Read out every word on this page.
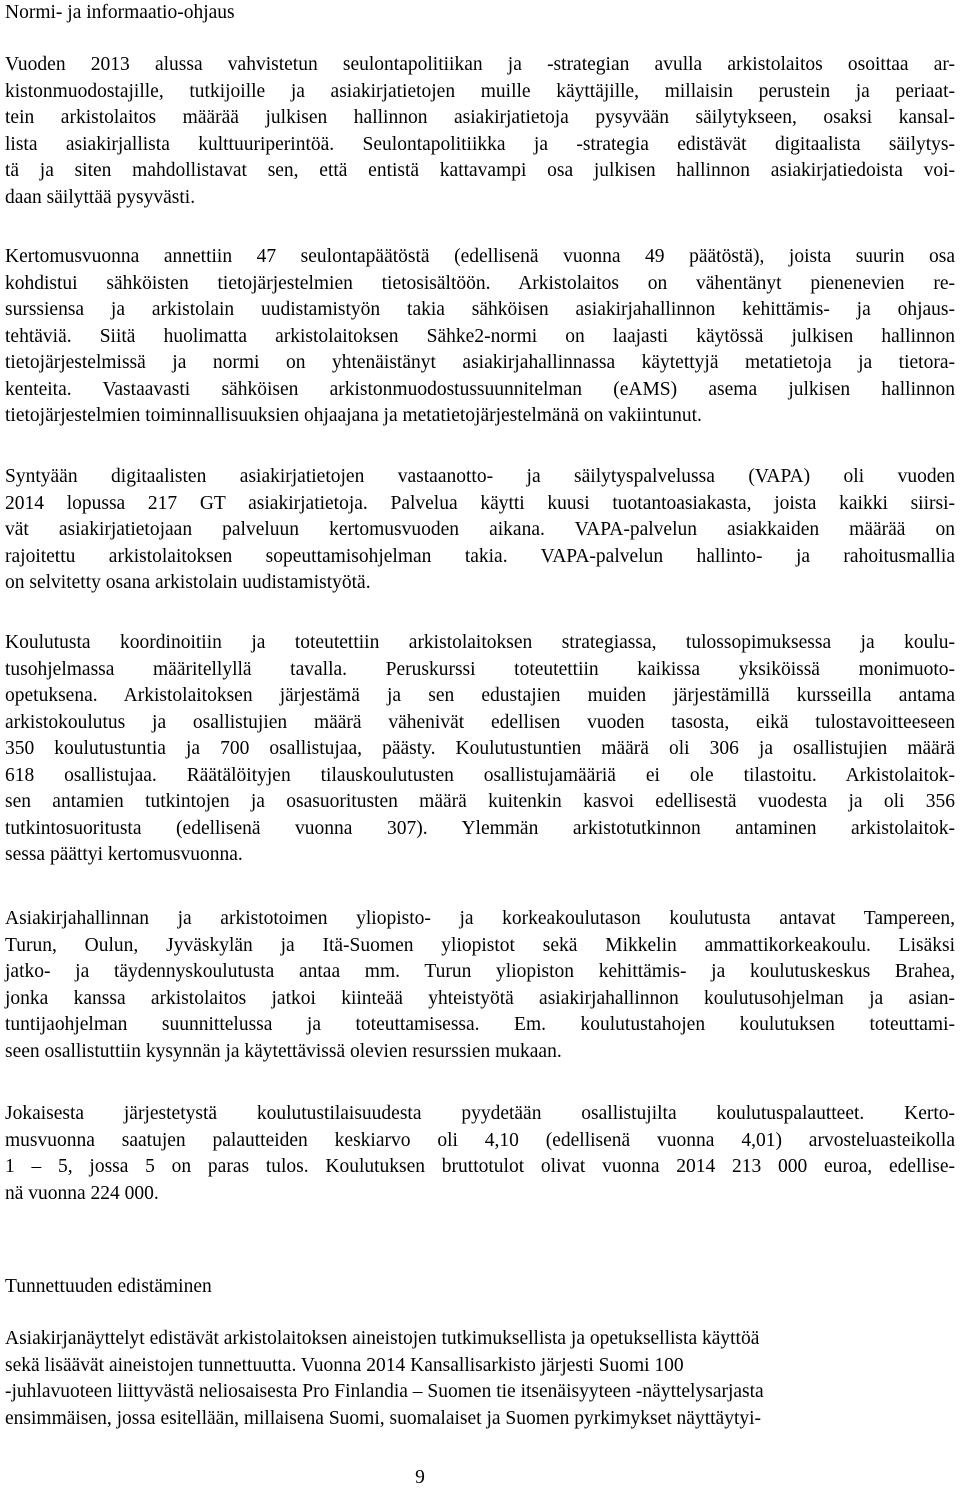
Normi- ja informaatio-ohjaus
Vuoden 2013 alussa vahvistetun seulontapolitiikan ja -strategian avulla arkistolaitos osoittaa ar-
kistonmuodostajille, tutkijoille ja asiakirjatietojen muille käyttäjille, millaisin perustein ja periaat-
tein arkistolaitos määrää julkisen hallinnon asiakirjatietoja pysyvään säilytykseen, osaksi kansal-
lista asiakirjallista kulttuuriperintöä. Seulontapolitiikka ja -strategia edistävät digitaalista säilytys-
tä ja siten mahdollistavat sen, että entistä kattavampi osa julkisen hallinnon asiakirjatiedoista voi-
daan säilyttää pysyvästi.
Kertomusvuonna annettiin 47 seulontapäätöstä (edellisenä vuonna 49 päätöstä), joista suurin osa
kohdistui sähköisten tietojärjestelmien tietosisältöön. Arkistolaitos on vähentänyt pienenevien re-
surssiensa ja arkistolain uudistamistyön takia sähköisen asiakirjahallinnon kehittämis- ja ohjaus-
tehtäviä. Siitä huolimatta arkistolaitoksen Sähke2-normi on laajasti käytössä julkisen hallinnon
tietojärjestelmissä ja normi on yhtenäistänyt asiakirjahallinnassa käytettyjä metatietoja ja tietora-
kenteita. Vastaavasti sähköisen arkistonmuodostussuunnitelman (eAMS) asema julkisen hallinnon
tietojärjestelmien toiminnallisuuksien ohjaajana ja metatietojärjestelmänä on vakiintunut.
Syntyään digitaalisten asiakirjatietojen vastaanotto- ja säilytyspalvelussa (VAPA) oli vuoden
2014 lopussa 217 GT asiakirjatietoja. Palvelua käytti kuusi tuotantoasiakasta, joista kaikki siirsi-
vät asiakirjatietojaan palveluun kertomusvuoden aikana. VAPA-palvelun asiakkaiden määrää on
rajoitettu arkistolaitoksen sopeuttamisohjelman takia. VAPA-palvelun hallinto- ja rahoitusmallia
on selvitetty osana arkistolain uudistamistyötä.
Koulutusta koordinoitiin ja toteutettiin arkistolaitoksen strategiassa, tulossopimuksessa ja koulu-
tusohjelmassa määritellyllä tavalla. Peruskurssi toteutettiin kaikissa yksiköissä monimuoto-
opetuksena. Arkistolaitoksen järjestämä ja sen edustajien muiden järjestämillä kursseilla antama
arkistokoulutus ja osallistujien määrä vähenivät edellisen vuoden tasosta, eikä tulostavoitteeseen
350 koulutustuntia ja 700 osallistujaa, päästy. Koulutustuntien määrä oli 306 ja osallistujien määrä
618 osallistujaa. Räätälöityjen tilauskoulutusten osallistujamääriä ei ole tilastoitu. Arkistolaitok-
sen antamien tutkintojen ja osasuoritusten määrä kuitenkin kasvoi edellisestä vuodesta ja oli 356
tutkintosuoritusta (edellisenä vuonna 307). Ylemmän arkistotutkinnon antaminen arkistolaitok-
sessa päättyi kertomusvuonna.
Asiakirjahallinnan ja arkistotoimen yliopisto- ja korkeakoulutason koulutusta antavat Tampereen,
Turun, Oulun, Jyväskylän ja Itä-Suomen yliopistot sekä Mikkelin ammattikorkeakoulu. Lisäksi
jatko- ja täydennyskoulutusta antaa mm. Turun yliopiston kehittämis- ja koulutuskeskus Brahea,
jonka kanssa arkistolaitos jatkoi kiinteää yhteistyötä asiakirjahallinnon koulutusohjelman ja asian-
tuntijaohjelman suunnittelussa ja toteuttamisessa. Em. koulutustahojen koulutuksen toteuttami-
seen osallistuttiin kysynnän ja käytettävissä olevien resurssien mukaan.
Jokaisesta järjestetystä koulutustilaisuudesta pyydetään osallistujilta koulutuspalautteet. Kerto-
musvuonna saatujen palautteiden keskiarvo oli 4,10 (edellisenä vuonna 4,01) arvosteluasteikolla
1 – 5, jossa 5 on paras tulos. Koulutuksen bruttotulot olivat vuonna 2014 213 000 euroa, edellise-
nä vuonna 224 000.
Tunnettuuden edistäminen
Asiakirjanäyttelyt edistävät arkistolaitoksen aineistojen tutkimuksellista ja opetuksellista käyttöä
sekä lisäävät aineistojen tunnettuutta. Vuonna 2014 Kansallisarkisto järjesti Suomi 100
-juhlavuoteen liittyvästä neliosaisesta Pro Finlandia – Suomen tie itsenäisyyteen -näyttelysarjasta
ensimmäisen, jossa esitellään, millaisena Suomi, suomalaiset ja Suomen pyrkimykset näyttäytyi-
9
